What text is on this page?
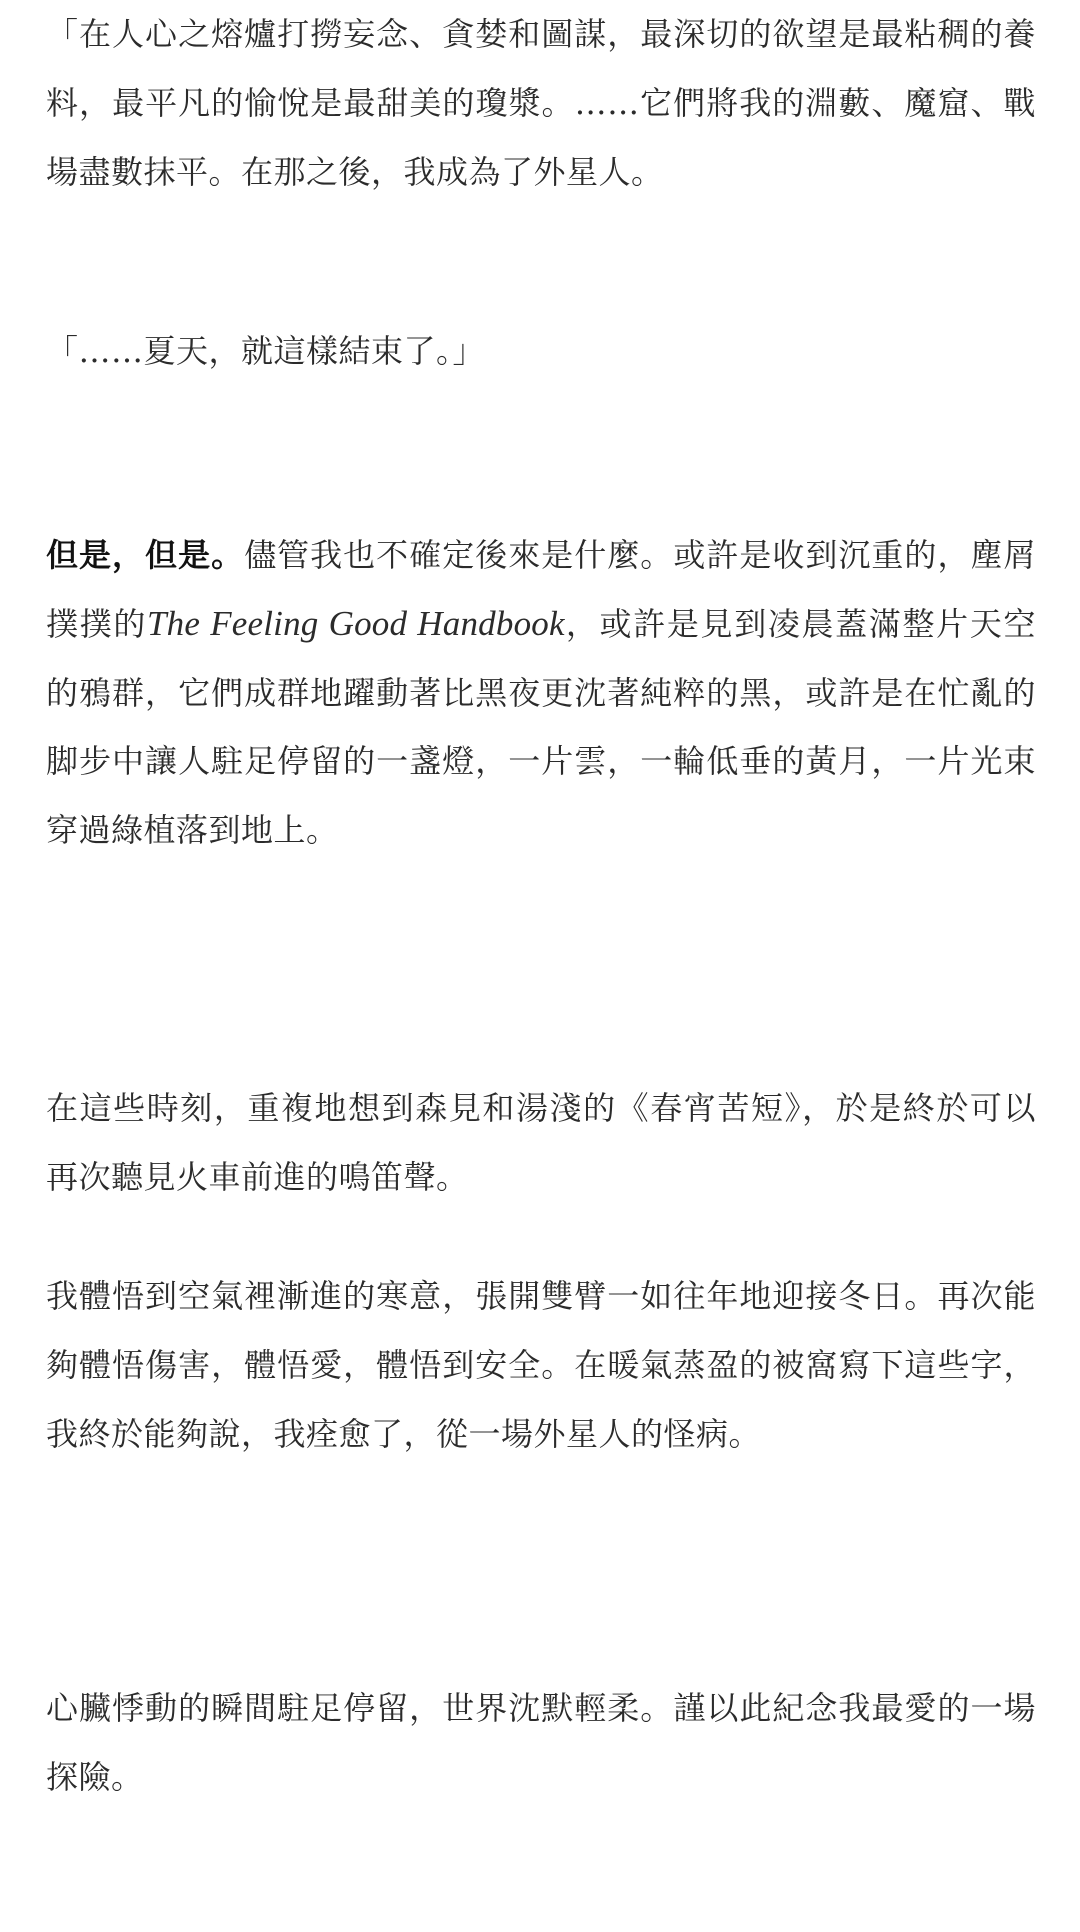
「在人心之熔爐打撈妄念、貪婪和圖謀，最深切的欲望是最粘稠的養料，最平凡的愉悅是最甜美的瓊漿。……它們將我的淵藪、魔窟、戰場盡數抹平。在那之後，我成為了外星人。

「……夏天，就這樣結束了。」

但是，但是。儘管我也不確定後來是什麼。或許是收到沉重的，塵屑撲撲的The Feeling Good Handbook，或許是見到凌晨蓋滿整片天空的鴉群，它們成群地躍動著比黑夜更沈著純粹的黑，或許是在忙亂的脚步中讓人駐足停留的一盞燈，一片雲，一輪低垂的黃月，一片光束穿過綠植落到地上。

在這些時刻，重複地想到森見和湯淺的《春宵苦短》，於是終於可以再次聽見火車前進的鳴笛聲。

我體悟到空氣裡漸進的寒意，張開雙臂一如往年地迎接冬日。再次能夠體悟傷害，體悟愛，體悟到安全。在暖氣蒸盈的被窩寫下這些字，我終於能夠說，我痊愈了，從一場外星人的怪病。

心臟悸動的瞬間駐足停留，世界沈默輕柔。謹以此紀念我最愛的一場探險。
